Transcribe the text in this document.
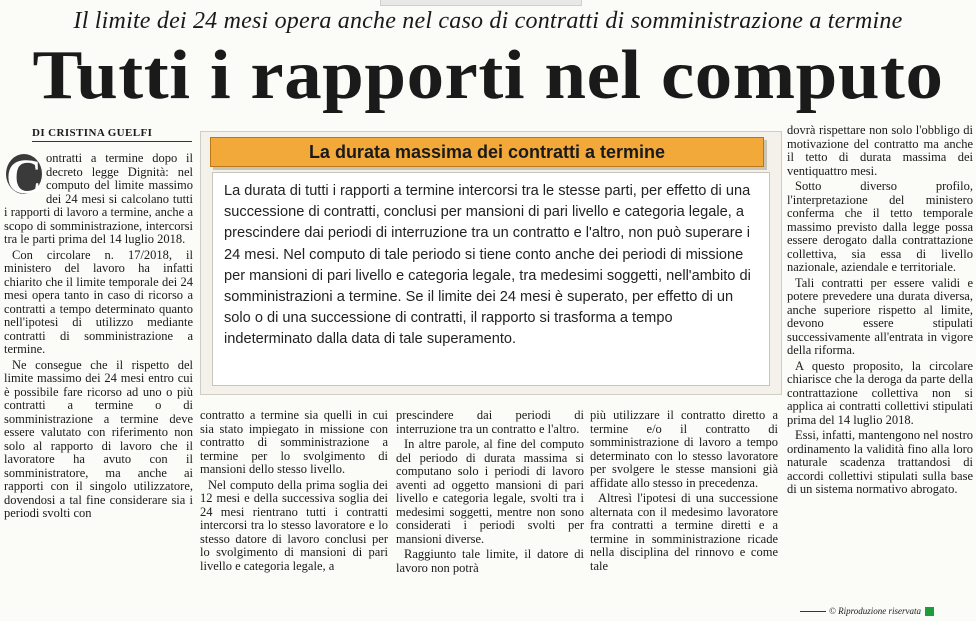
Il limite dei 24 mesi opera anche nel caso di contratti di somministrazione a termine
Tutti i rapporti nel computo
DI CRISTINA GUELFI

C ontratti a termine dopo il decreto legge Dignità: nel computo del limite massimo dei 24 mesi si calcolano tutti i rapporti di lavoro a termine, anche a scopo di somministrazione, intercorsi tra le parti prima del 14 luglio 2018.

Con circolare n. 17/2018, il ministero del lavoro ha infatti chiarito che il limite temporale dei 24 mesi opera tanto in caso di ricorso a contratti a tempo determinato quanto nell'ipotesi di utilizzo mediante contratti di somministrazione a termine.

Ne consegue che il rispetto del limite massimo dei 24 mesi entro cui è possibile fare ricorso ad uno o più contratti a termine o di somministrazione a termine deve essere valutato con riferimento non solo al rapporto di lavoro che il lavoratore ha avuto con il somministratore, ma anche ai rapporti con il singolo utilizzatore, dovendosi a tal fine considerare sia i periodi svolti con

La durata massima dei contratti a termine
La durata di tutti i rapporti a termine intercorsi tra le stesse parti, per effetto di una successione di contratti, conclusi per mansioni di pari livello e categoria legale, a prescindere dai periodi di interruzione tra un contratto e l'altro, non può superare i 24 mesi. Nel computo di tale periodo si tiene conto anche dei periodi di missione per mansioni di pari livello e categoria legale, tra medesimi soggetti, nell'ambito di somministrazioni a termine. Se il limite dei 24 mesi è superato, per effetto di un solo o di una successione di contratti, il rapporto si trasforma a tempo indeterminato dalla data di tale superamento.

contratto a termine sia quelli in cui sia stato impiegato in missione con contratto di somministrazione a termine per lo svolgimento di mansioni dello stesso livello.

Nel computo della prima soglia dei 12 mesi e della successiva soglia dei 24 mesi rientrano tutti i contratti intercorsi tra lo stesso lavoratore e lo stesso datore di lavoro conclusi per lo svolgimento di mansioni di pari livello e categoria legale, a

prescindere dai periodi di interruzione tra un contratto e l'altro.

In altre parole, al fine del computo del periodo di durata massima si computano solo i periodi di lavoro aventi ad oggetto mansioni di pari livello e categoria legale, svolti tra i medesimi soggetti, mentre non sono considerati i periodi svolti per mansioni diverse.

Raggiunto tale limite, il datore di lavoro non potrà

più utilizzare il contratto diretto a termine e/o il contratto di somministrazione di lavoro a tempo determinato con lo stesso lavoratore per svolgere le stesse mansioni già affidate allo stesso in precedenza.

Altresì l'ipotesi di una successione alternata con il medesimo lavoratore fra contratti a termine diretti e a termine in somministrazione ricade nella disciplina del rinnovo e come tale

dovrà rispettare non solo l'obbligo di motivazione del contratto ma anche il tetto di durata massima dei ventiquattro mesi.

Sotto diverso profilo, l'interpretazione del ministero conferma che il tetto temporale massimo previsto dalla legge possa essere derogato dalla contrattazione collettiva, sia essa di livello nazionale, aziendale e territoriale.

Tali contratti per essere validi e potere prevedere una durata diversa, anche superiore rispetto al limite, devono essere stipulati successivamente all'entrata in vigore della riforma.

A questo proposito, la circolare chiarisce che la deroga da parte della contrattazione collettiva non si applica ai contratti collettivi stipulati prima del 14 luglio 2018.

Essi, infatti, mantengono nel nostro ordinamento la validità fino alla loro naturale scadenza trattandosi di accordi collettivi stipulati sulla base di un sistema normativo abrogato.

© Riproduzione riservata
